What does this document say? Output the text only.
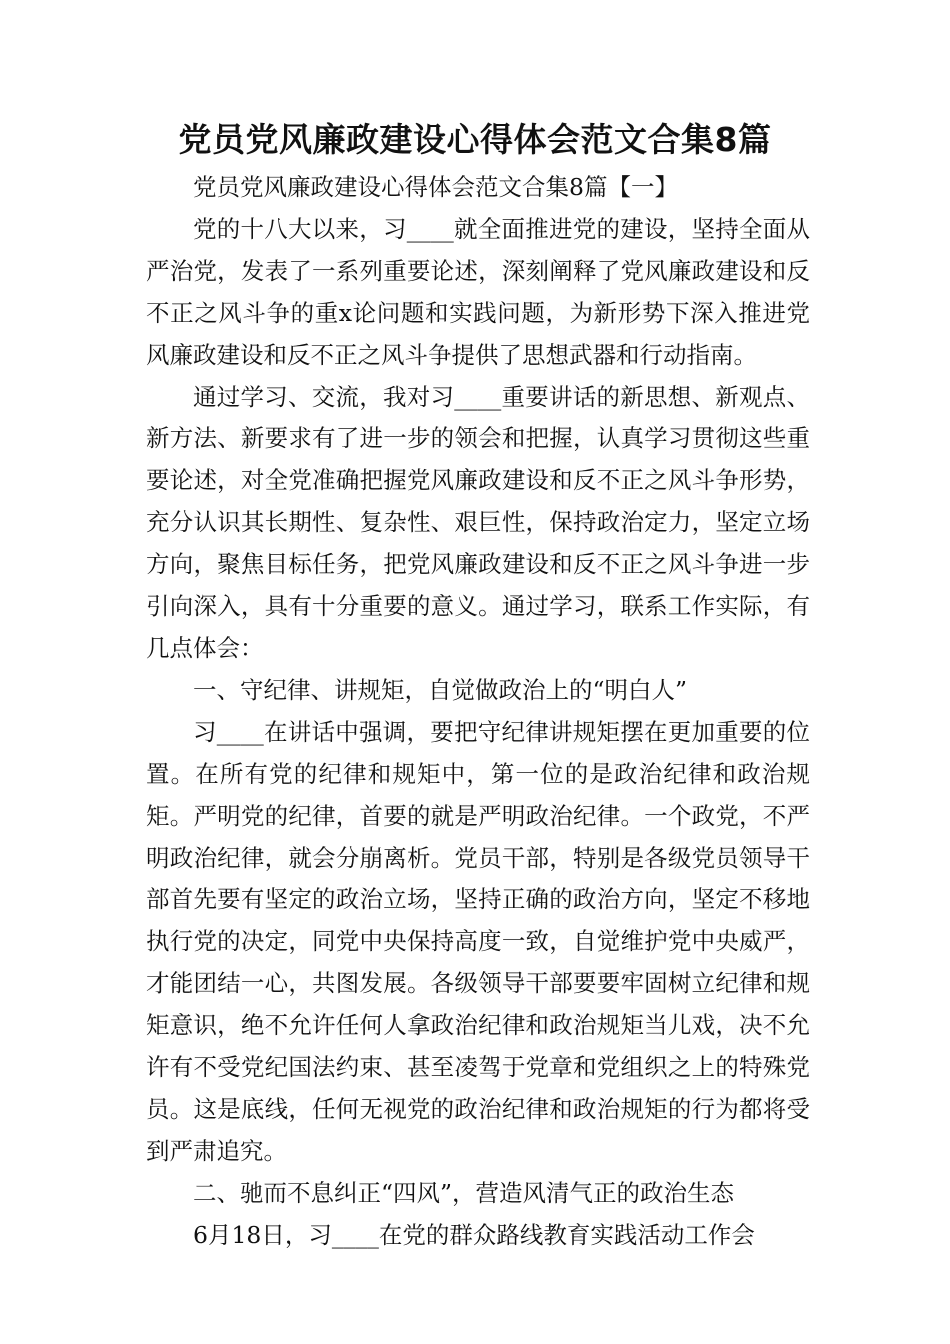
党员党风廉政建设心得体会范文合集8篇

党员党风廉政建设心得体会范文合集8篇【一】

党的十八大以来，习____就全面推进党的建设，坚持全面从严治党，发表了一系列重要论述，深刻阐释了党风廉政建设和反不正之风斗争的重x论问题和实践问题，为新形势下深入推进党风廉政建设和反不正之风斗争提供了思想武器和行动指南。

通过学习、交流，我对习____重要讲话的新思想、新观点、新方法、新要求有了进一步的领会和把握，认真学习贯彻这些重要论述，对全党准确把握党风廉政建设和反不正之风斗争形势，充分认识其长期性、复杂性、艰巨性，保持政治定力，坚定立场方向，聚焦目标任务，把党风廉政建设和反不正之风斗争进一步引向深入，具有十分重要的意义。通过学习，联系工作实际，有几点体会：

一、守纪律、讲规矩，自觉做政治上的“明白人”

习____在讲话中强调，要把守纪律讲规矩摆在更加重要的位置。在所有党的纪律和规矩中，第一位的是政治纪律和政治规矩。严明党的纪律，首要的就是严明政治纪律。一个政党，不严明政治纪律，就会分崩离析。党员干部，特别是各级党员领导干部首先要有坚定的政治立场，坚持正确的政治方向，坚定不移地执行党的决定，同党中央保持高度一致，自觉维护党中央威严，才能团结一心，共图发展。各级领导干部要要牢固树立纪律和规矩意识，绝不允许任何人拿政治纪律和政治规矩当儿戏，决不允许有不受党纪国法约束、甚至凌驾于党章和党组织之上的特殊党员。这是底线，任何无视党的政治纪律和政治规矩的行为都将受到严肃追究。

二、驰而不息纠正“四风”，营造风清气正的政治生态

6月18日，习____在党的群众路线教育实践活动工作会
